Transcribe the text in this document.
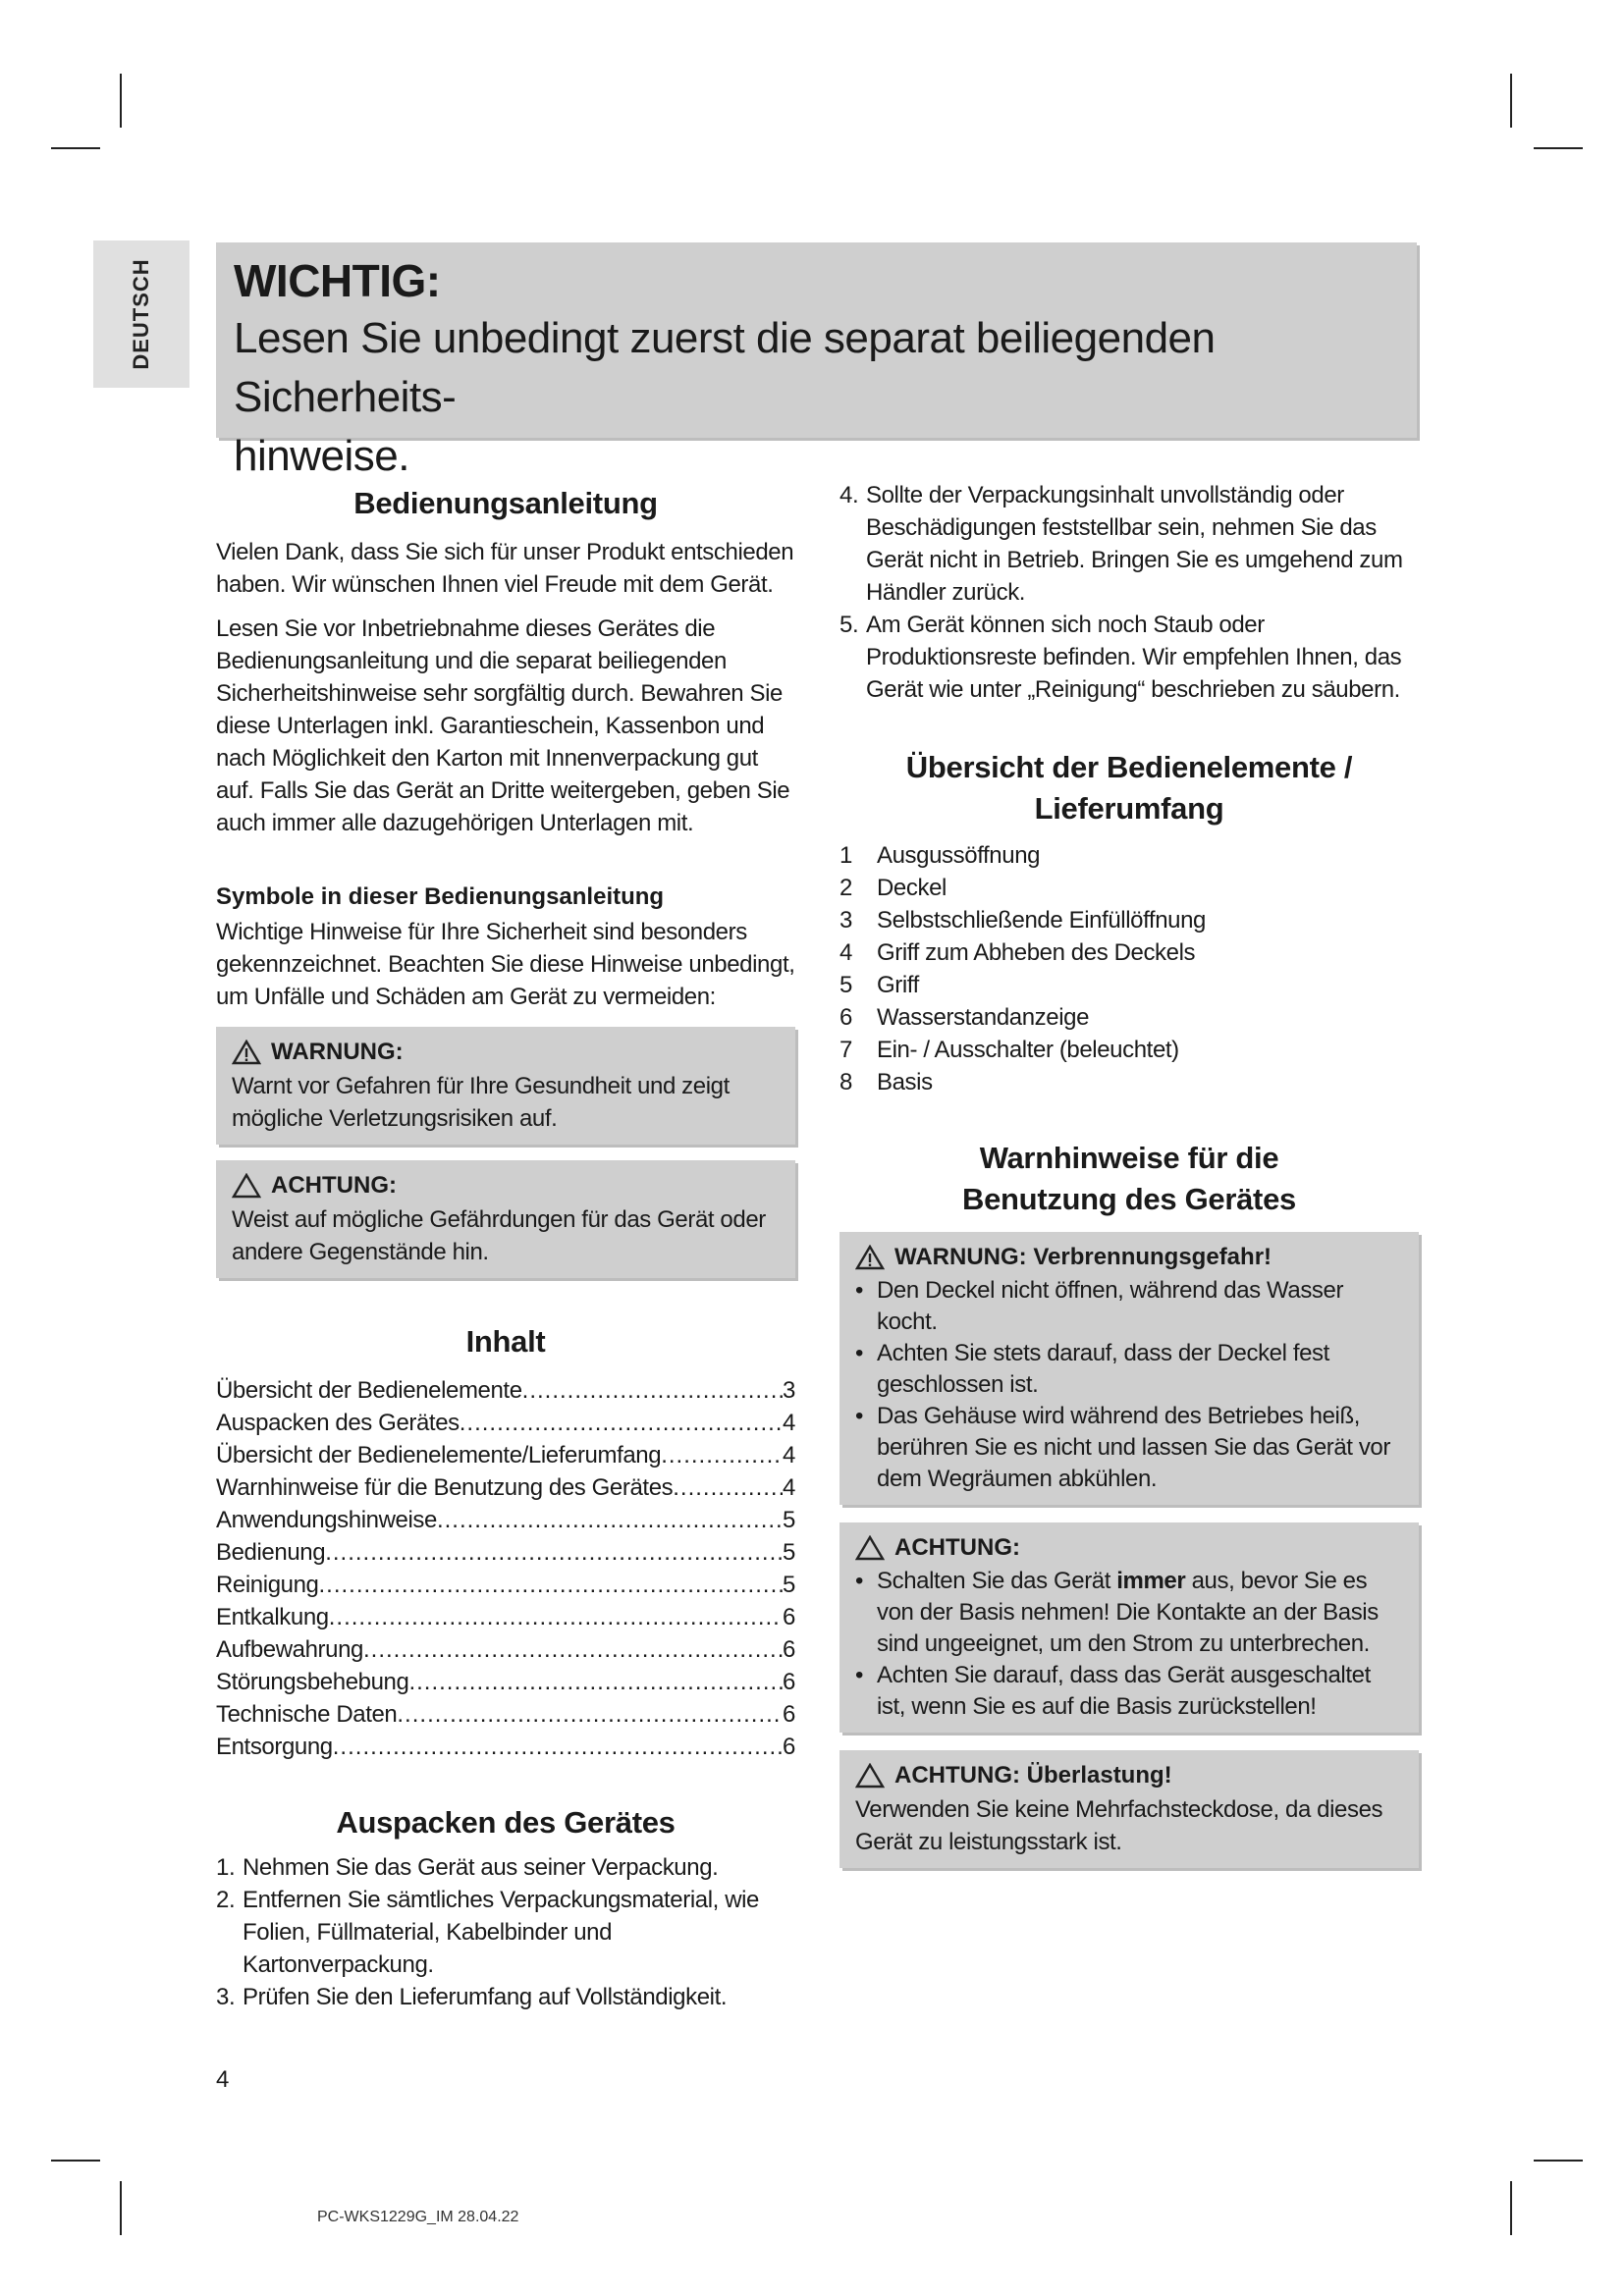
DEUTSCH WICHTIG:

Lesen Sie unbedingt zuerst die separat beiliegenden Sicherheits-

hinweise.

Bedienungsanleitung

Vielen Dank, dass Sie sich für unser Produkt entschieden haben. Wir wünschen Ihnen viel Freude mit dem Gerät.

Lesen Sie vor Inbetriebnahme dieses Gerätes die Bedienungsanleitung und die separat beiliegenden Sicherheitshinweise sehr sorgfältig durch. Bewahren Sie diese Unterlagen inkl. Garantieschein, Kassenbon und nach Möglichkeit den Karton mit Innenverpackung gut auf. Falls Sie das Gerät an Dritte weitergeben, geben Sie auch immer alle dazugehörigen Unterlagen mit.

Symbole in dieser Bedienungsanleitung

Wichtige Hinweise für Ihre Sicherheit sind besonders gekennzeichnet. Beachten Sie diese Hinweise unbedingt, um Unfälle und Schäden am Gerät zu vermeiden:

WARNUNG:
Warnt vor Gefahren für Ihre Gesundheit und zeigt mögliche Verletzungsrisiken auf.
ACHTUNG:
Weist auf mögliche Gefährdungen für das Gerät oder andere Gegenstände hin.
Inhalt
Übersicht der Bedienelemente .....	3
Auspacken des Gerätes .....	4
Übersicht der Bedienelemente/Lieferumfang .....	4
Warnhinweise für die Benutzung des Gerätes .....	4
Anwendungshinweise .....	5
Bedienung .....	5
Reinigung .....	5
Entkalkung .....	6
Aufbewahrung .....	6
Störungsbehebung .....	6
Technische Daten .....	6
Entsorgung .....	6
Auspacken des Gerätes
1. Nehmen Sie das Gerät aus seiner Verpackung.
2. Entfernen Sie sämtliches Verpackungsmaterial, wie Folien, Füllmaterial, Kabelbinder und Kartonverpackung.
3. Prüfen Sie den Lieferumfang auf Vollständigkeit.
4. Sollte der Verpackungsinhalt unvollständig oder Beschädigungen feststellbar sein, nehmen Sie das Gerät nicht in Betrieb. Bringen Sie es umgehend zum Händler zurück.
5. Am Gerät können sich noch Staub oder Produktionsreste befinden. Wir empfehlen Ihnen, das Gerät wie unter „Reinigung“ beschrieben zu säubern.
Übersicht der Bedienelemente /
Lieferumfang
1	Ausgussöffnung
2	Deckel
3	Selbstschließende Einfüllöffnung
4	Griff zum Abheben des Deckels
5	Griff
6	Wasserstandanzeige
7	Ein- / Ausschalter (beleuchtet)
8	Basis
Warnhinweise für die
Benutzung des Gerätes
WARNUNG: Verbrennungsgefahr!
• Den Deckel nicht öffnen, während das Wasser kocht.
• Achten Sie stets darauf, dass der Deckel fest geschlossen ist.
• Das Gehäuse wird während des Betriebes heiß, berühren Sie es nicht und lassen Sie das Gerät vor dem Wegräumen abkühlen.
ACHTUNG:
• Schalten Sie das Gerät immer aus, bevor Sie es von der Basis nehmen! Die Kontakte an der Basis sind ungeeignet, um den Strom zu unterbrechen.
• Achten Sie darauf, dass das Gerät ausgeschaltet ist, wenn Sie es auf die Basis zurückstellen!
ACHTUNG: Überlastung!
Verwenden Sie keine Mehrfachsteckdose, da dieses Gerät zu leistungsstark ist.
4
PC-WKS1229G_IM 28.04.22
